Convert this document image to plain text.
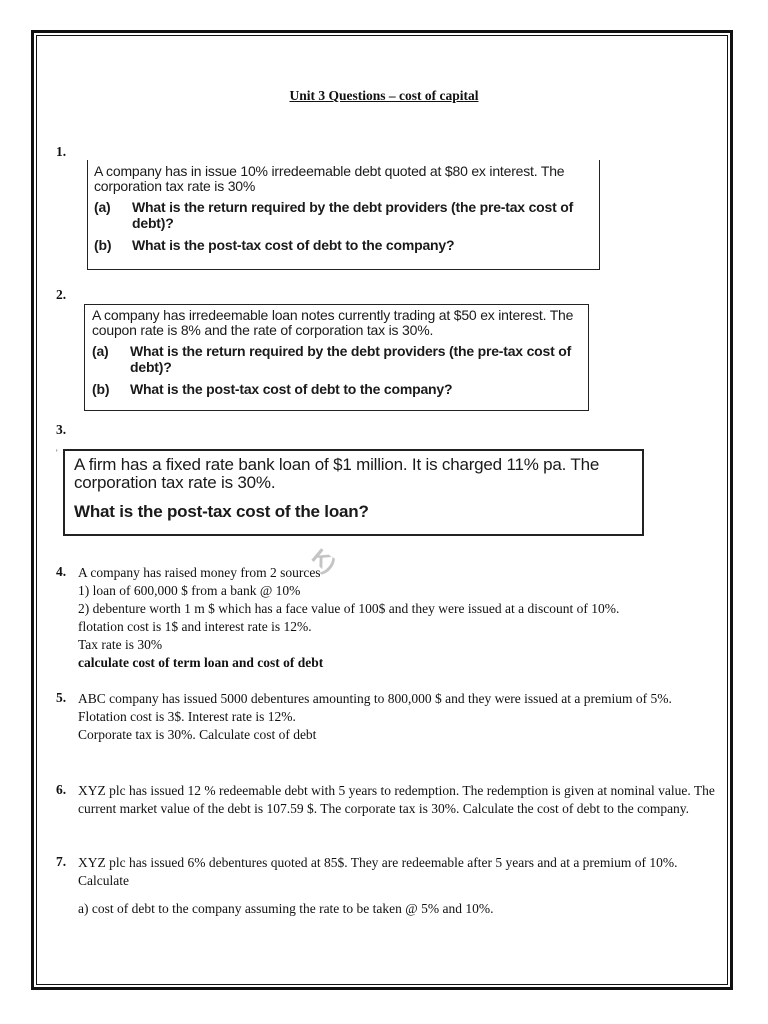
Unit 3 Questions – cost of capital
1.

A company has in issue 10% irredeemable debt quoted at $80 ex interest. The corporation tax rate is 30%

(a)	What is the return required by the debt providers (the pre-tax cost of debt)?
(b)	What is the post-tax cost of debt to the company?
2.

A company has irredeemable loan notes currently trading at $50 ex interest. The coupon rate is 8% and the rate of corporation tax is 30%.

(a)	What is the return required by the debt providers (the pre-tax cost of debt)?
(b)	What is the post-tax cost of debt to the company?
3.
'

A firm has a fixed rate bank loan of $1 million. It is charged 11% pa. The corporation tax rate is 30%.

What is the post-tax cost of the loan?
K)
4. A company has raised money from 2 sources
1) loan of 600,000 $ from a bank @ 10%
2) debenture worth 1 m $ which has a face value of 100$ and they were issued at a discount of 10%.
flotation cost is 1$ and interest rate is 12%.
Tax rate is 30%
calculate cost of term loan and cost of debt
5. ABC company has issued 5000 debentures amounting to 800,000 $ and they were issued at a premium of 5%.
Flotation cost is 3$. Interest rate is 12%.
Corporate tax is 30%. Calculate cost of debt
6. XYZ plc has issued 12 % redeemable debt with 5 years to redemption. The redemption is given at nominal value. The current market value of the debt is 107.59 $. The corporate tax is 30%. Calculate the cost of debt to the company.
7. XYZ plc has issued 6% debentures quoted at 85$. They are redeemable after 5 years and at a premium of 10%. Calculate
a) cost of debt to the company assuming the rate to be taken @ 5% and 10%.
